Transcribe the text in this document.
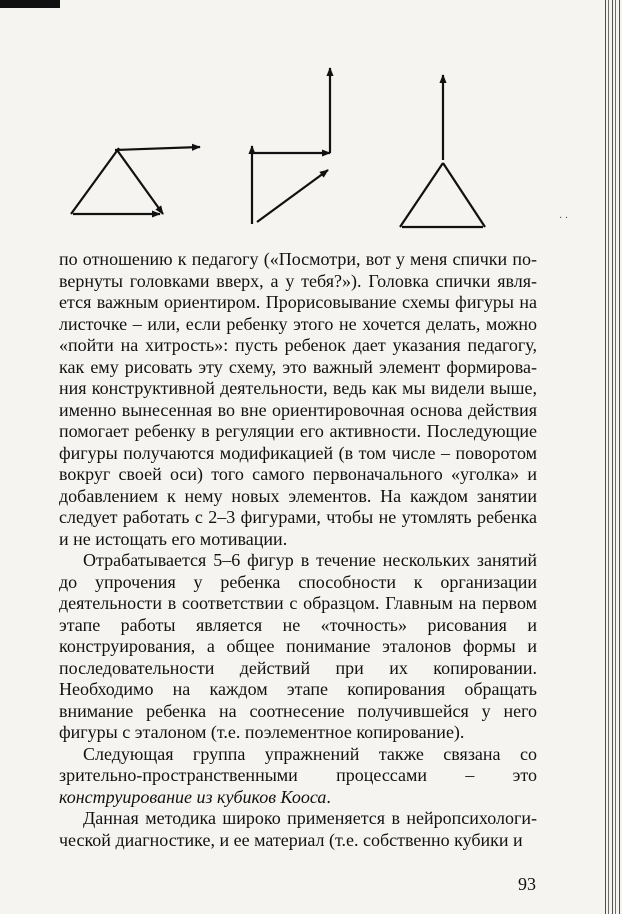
· ·

по отношению к педагогу («Посмотри, вот у меня спички повернуты головками вверх, а у тебя?»). Головка спички является важным ориентиром. Прорисовывание схемы фигуры на листочке – или, если ребенку этого не хочется делать, можно «пойти на хитрость»: пусть ребенок дает указания педагогу, как ему рисовать эту схему, это важный элемент формирования конструктивной деятельности, ведь как мы видели выше, именно вынесенная во вне ориентировочная основа действия помогает ребенку в регуляции его активности. Последующие фигуры получаются модификацией (в том числе – поворотом вокруг своей оси) того самого первоначального «уголка» и добавлением к нему новых элементов. На каждом занятии следует работать с 2–3 фигурами, чтобы не утомлять ребенка и не истощать его мотивации.

Отрабатывается 5–6 фигур в течение нескольких занятий до упрочения у ребенка способности к организации деятельности в соответствии с образцом. Главным на первом этапе работы является не «точность» рисования и конструирования, а общее понимание эталонов формы и последовательности действий при их копировании. Необходимо на каждом этапе копирования обращать внимание ребенка на соотнесение получившейся у него фигуры с эталоном (т.е. поэлементное копирование).

Следующая группа упражнений также связана со зрительно-пространственными процессами – это конструирование из кубиков Кооса.

Данная методика широко применяется в нейропсихологической диагностике, и ее материал (т.е. собственно кубики и

93
